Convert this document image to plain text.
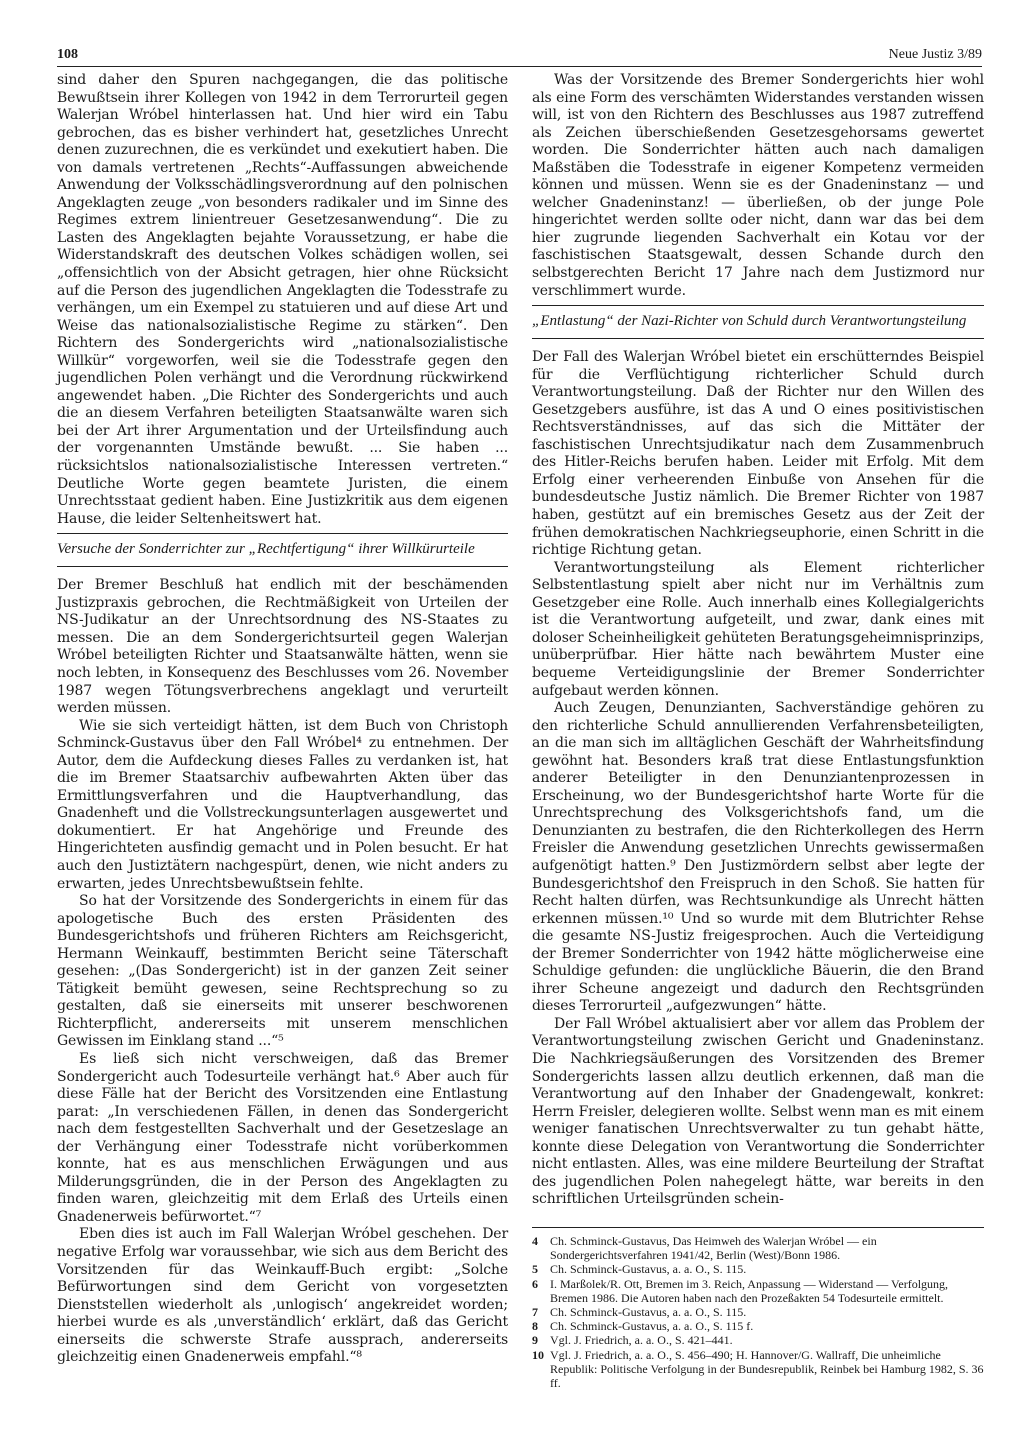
108	Neue Justiz 3/89

sind daher den Spuren nachgegangen, die das politische Bewußtsein ihrer Kollegen von 1942 in dem Terrorurteil gegen Walerjan Wróbel hinterlassen hat. Und hier wird ein Tabu gebrochen, das es bisher verhindert hat, gesetzliches Unrecht denen zuzurechnen, die es verkündet und exekutiert haben. Die von damals vertretenen „Rechts“-Auffassungen abweichende Anwendung der Volksschädlingsverordnung auf den polnischen Angeklagten zeuge „von besonders radikaler und im Sinne des Regimes extrem linientreuer Gesetzesanwendung“. Die zu Lasten des Angeklagten bejahte Voraussetzung, er habe die Widerstandskraft des deutschen Volkes schädigen wollen, sei „offensichtlich von der Absicht getragen, hier ohne Rücksicht auf die Person des jugendlichen Angeklagten die Todesstrafe zu verhängen, um ein Exempel zu statuieren und auf diese Art und Weise das nationalsozialistische Regime zu stärken“. Den Richtern des Sondergerichts wird „nationalsozialistische Willkür“ vorgeworfen, weil sie die Todesstrafe gegen den jugendlichen Polen verhängt und die Verordnung rückwirkend angewendet haben. „Die Richter des Sondergerichts und auch die an diesem Verfahren beteiligten Staatsanwälte waren sich bei der Art ihrer Argumentation und der Urteilsfindung auch der vorgenannten Umstände bewußt. ... Sie haben ... rücksichtslos nationalsozialistische Interessen vertreten.“ Deutliche Worte gegen beamtete Juristen, die einem Unrechtsstaat gedient haben. Eine Justizkritik aus dem eigenen Hause, die leider Seltenheitswert hat.

Versuche der Sonderrichter zur „Rechtfertigung“ ihrer Willkürurteile

Der Bremer Beschluß hat endlich mit der beschämenden Justizpraxis gebrochen, die Rechtmäßigkeit von Urteilen der NS-Judikatur an der Unrechtsordnung des NS-Staates zu messen. Die an dem Sondergerichtsurteil gegen Walerjan Wróbel beteiligten Richter und Staatsanwälte hätten, wenn sie noch lebten, in Konsequenz des Beschlusses vom 26. November 1987 wegen Tötungsverbrechens angeklagt und verurteilt werden müssen.

Wie sie sich verteidigt hätten, ist dem Buch von Christoph Schminck-Gustavus über den Fall Wróbel⁴ zu entnehmen. Der Autor, dem die Aufdeckung dieses Falles zu verdanken ist, hat die im Bremer Staatsarchiv aufbewahrten Akten über das Ermittlungsverfahren und die Hauptverhandlung, das Gnadenheft und die Vollstreckungsunterlagen ausgewertet und dokumentiert. Er hat Angehörige und Freunde des Hingerichteten ausfindig gemacht und in Polen besucht. Er hat auch den Justiztätern nachgespürt, denen, wie nicht anders zu erwarten, jedes Unrechtsbewußtsein fehlte.

So hat der Vorsitzende des Sondergerichts in einem für das apologetische Buch des ersten Präsidenten des Bundesgerichtshofs und früheren Richters am Reichsgericht, Hermann Weinkauff, bestimmten Bericht seine Täterschaft gesehen: „(Das Sondergericht) ist in der ganzen Zeit seiner Tätigkeit bemüht gewesen, seine Rechtsprechung so zu gestalten, daß sie einerseits mit unserer beschworenen Richterpflicht, andererseits mit unserem menschlichen Gewissen im Einklang stand ...“⁵

Es ließ sich nicht verschweigen, daß das Bremer Sondergericht auch Todesurteile verhängt hat.⁶ Aber auch für diese Fälle hat der Bericht des Vorsitzenden eine Entlastung parat: „In verschiedenen Fällen, in denen das Sondergericht nach dem festgestellten Sachverhalt und der Gesetzeslage an der Verhängung einer Todesstrafe nicht vorüberkommen konnte, hat es aus menschlichen Erwägungen und aus Milderungsgründen, die in der Person des Angeklagten zu finden waren, gleichzeitig mit dem Erlaß des Urteils einen Gnadenerweis befürwortet.“⁷

Eben dies ist auch im Fall Walerjan Wróbel geschehen. Der negative Erfolg war voraussehbar, wie sich aus dem Bericht des Vorsitzenden für das Weinkauff-Buch ergibt: „Solche Befürwortungen sind dem Gericht von vorgesetzten Dienststellen wiederholt als ‚unlogisch‘ angekreidet worden; hierbei wurde es als ‚unverständlich‘ erklärt, daß das Gericht einerseits die schwerste Strafe aussprach, andererseits gleichzeitig einen Gnadenerweis empfahl.“⁸

Was der Vorsitzende des Bremer Sondergerichts hier wohl als eine Form des verschämten Widerstandes verstanden wissen will, ist von den Richtern des Beschlusses aus 1987 zutreffend als Zeichen überschießenden Gesetzesgehorsams gewertet worden. Die Sonderrichter hätten auch nach damaligen Maßstäben die Todesstrafe in eigener Kompetenz vermeiden können und müssen. Wenn sie es der Gnadeninstanz — und welcher Gnadeninstanz! — überließen, ob der junge Pole hingerichtet werden sollte oder nicht, dann war das bei dem hier zugrunde liegenden Sachverhalt ein Kotau vor der faschistischen Staatsgewalt, dessen Schande durch den selbstgerechten Bericht 17 Jahre nach dem Justizmord nur verschlimmert wurde.

„Entlastung“ der Nazi-Richter von Schuld durch Verantwortungsteilung

Der Fall des Walerjan Wróbel bietet ein erschütterndes Beispiel für die Verflüchtigung richterlicher Schuld durch Verantwortungsteilung. Daß der Richter nur den Willen des Gesetzgebers ausführe, ist das A und O eines positivistischen Rechtsverständnisses, auf das sich die Mittäter der faschistischen Unrechtsjudikatur nach dem Zusammenbruch des Hitler-Reichs berufen haben. Leider mit Erfolg. Mit dem Erfolg einer verheerenden Einbuße von Ansehen für die bundesdeutsche Justiz nämlich. Die Bremer Richter von 1987 haben, gestützt auf ein bremisches Gesetz aus der Zeit der frühen demokratischen Nachkriegseuphorie, einen Schritt in die richtige Richtung getan.

Verantwortungsteilung als Element richterlicher Selbstentlastung spielt aber nicht nur im Verhältnis zum Gesetzgeber eine Rolle. Auch innerhalb eines Kollegialgerichts ist die Verantwortung aufgeteilt, und zwar, dank eines mit doloser Scheinheiligkeit gehüteten Beratungsgeheimnisprinzips, unüberprüfbar. Hier hätte nach bewährtem Muster eine bequeme Verteidigungslinie der Bremer Sonderrichter aufgebaut werden können.

Auch Zeugen, Denunzianten, Sachverständige gehören zu den richterliche Schuld annullierenden Verfahrensbeteiligten, an die man sich im alltäglichen Geschäft der Wahrheitsfindung gewöhnt hat. Besonders kraß trat diese Entlastungsfunktion anderer Beteiligter in den Denunziantenprozessen in Erscheinung, wo der Bundesgerichtshof harte Worte für die Unrechtsprechung des Volksgerichtshofs fand, um die Denunzianten zu bestrafen, die den Richterkollegen des Herrn Freisler die Anwendung gesetzlichen Unrechts gewissermaßen aufgenötigt hatten.⁹ Den Justizmördern selbst aber legte der Bundesgerichtshof den Freispruch in den Schoß. Sie hatten für Recht halten dürfen, was Rechtsunkundige als Unrecht hätten erkennen müssen.¹⁰ Und so wurde mit dem Blutrichter Rehse die gesamte NS-Justiz freigesprochen. Auch die Verteidigung der Bremer Sonderrichter von 1942 hätte möglicherweise eine Schuldige gefunden: die unglückliche Bäuerin, die den Brand ihrer Scheune angezeigt und dadurch den Rechtsgründen dieses Terrorurteil „aufgezwungen“ hätte.

Der Fall Wróbel aktualisiert aber vor allem das Problem der Verantwortungsteilung zwischen Gericht und Gnadeninstanz. Die Nachkriegsäußerungen des Vorsitzenden des Bremer Sondergerichts lassen allzu deutlich erkennen, daß man die Verantwortung auf den Inhaber der Gnadengewalt, konkret: Herrn Freisler, delegieren wollte. Selbst wenn man es mit einem weniger fanatischen Unrechtsverwalter zu tun gehabt hätte, konnte diese Delegation von Verantwortung die Sonderrichter nicht entlasten. Alles, was eine mildere Beurteilung der Straftat des jugendlichen Polen nahegelegt hätte, war bereits in den schriftlichen Urteilsgründen schein-

4	Ch. Schminck-Gustavus, Das Heimweh des Walerjan Wróbel — ein Sondergerichtsverfahren 1941/42, Berlin (West)/Bonn 1986.
5	Ch. Schminck-Gustavus, a. a. O., S. 115.
6	I. Marßolek/R. Ott, Bremen im 3. Reich, Anpassung — Widerstand — Verfolgung, Bremen 1986. Die Autoren haben nach den Prozeßakten 54 Todesurteile ermittelt.
7	Ch. Schminck-Gustavus, a. a. O., S. 115.
8	Ch. Schminck-Gustavus, a. a. O., S. 115 f.
9	Vgl. J. Friedrich, a. a. O., S. 421–441.
10 Vgl. J. Friedrich, a. a. O., S. 456–490; H. Hannover/G. Wallraff, Die unheimliche Republik: Politische Verfolgung in der Bundesrepublik, Reinbek bei Hamburg 1982, S. 36 ff.
